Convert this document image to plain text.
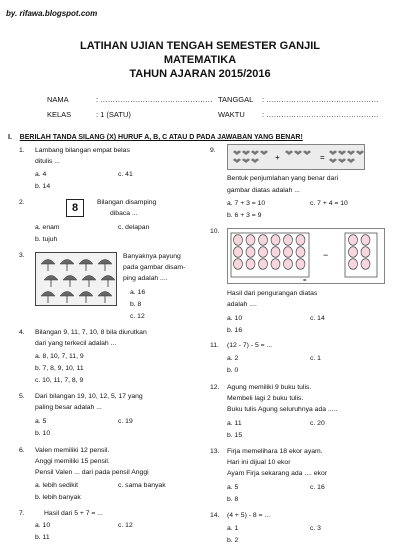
by. rifawa.blogspot.com
LATIHAN UJIAN TENGAH SEMESTER GANJIL
MATEMATIKA
TAHUN AJARAN 2015/2016
NAMA	: ……………………………………… TANGGAL : ………………………………………
KELAS	: 1 (SATU)	WAKTU : ………………………………………
I. BERILAH TANDA SILANG (X) HURUF A, B, C ATAU D PADA JAWABAN YANG BENAR!
1. Lambang bilangan empat belas
ditulis ...
a. 4	c. 41
b. 14
2.	8	Bilangan disamping
dibaca ...
a. enam	c. delapan
b. tujuh
3.	Banyaknya payung
pada gambar disam-
ping adalah ....
a. 16
b. 8
c. 12
4. Bilangan 9, 11, 7, 10, 8 bila diurutkan
dari yang terkecil adalah ...
a. 8, 10, 7, 11, 9
b. 7, 8, 9, 10, 11
c. 10, 11, 7, 8, 9
5. Dari bilangan 19, 10, 12, 5, 17 yang
paling besar adalah ...
a. 5	c. 19
b. 10
6. Valen memiliki 12 pensil.
Anggi memiliki 15 pensil.
Pensil Valen ... dari pada pensil Anggi
a. lebih sedikit	c. sama banyak
b. lebih banyak
7.	Hasil dari 5 + 7 = ...
a. 10	c. 12
b. 11
9.
+	=
Bentuk penjumlahan yang benar dari
gambar diatas adalah ...
a. 7 + 3 = 10	c. 7 + 4 = 10
b. 6 + 3 = 9
10.
−
=
Hasil dari pengurangan diatas
adalah ....
a. 10	c. 14
b. 16
11. (12 - 7) - 5 = ...
a. 2	c. 1
b. 0
12. Agung memiliki 9 buku tulis.
Membeli lagi 2 buku tulis.
Buku tulis Agung seluruhnya ada .....
a. 11	c. 20
b. 15
13. Firja memelihara 18 ekor ayam.
Hari ini dijual 10 ekor
Ayam Firja sekarang ada .... ekor
a. 5	c. 16
b. 8
14. (4 + 5) - 8 = ...
a. 1	c. 3
b. 2
